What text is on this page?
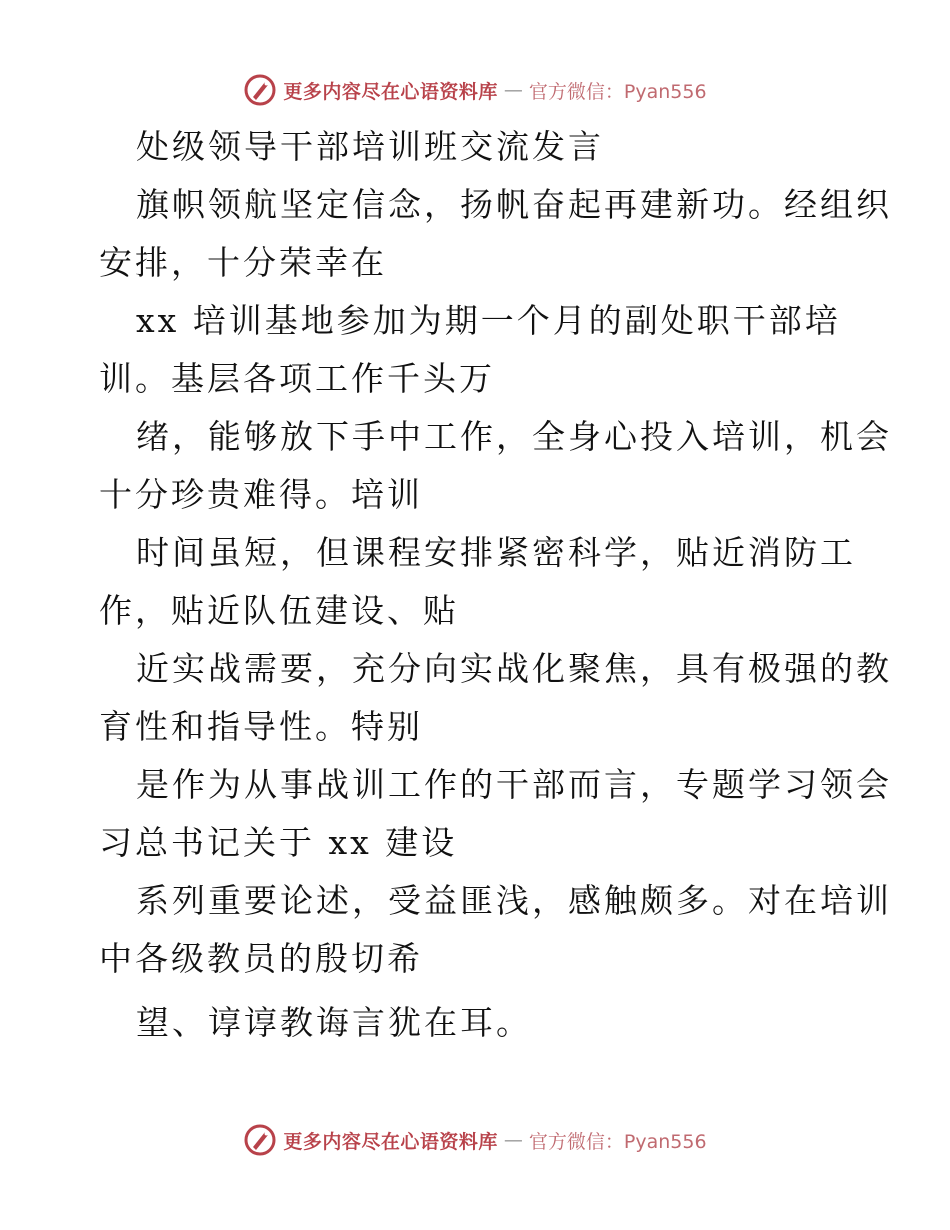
更多内容尽在心语资料库 — 官方微信：Pyan556
处级领导干部培训班交流发言
旗帜领航坚定信念，扬帆奋起再建新功。经组织
安排，十分荣幸在
xx 培训基地参加为期一个月的副处职干部培
训。基层各项工作千头万
绪，能够放下手中工作，全身心投入培训，机会
十分珍贵难得。培训
时间虽短，但课程安排紧密科学，贴近消防工
作，贴近队伍建设、贴
近实战需要，充分向实战化聚焦，具有极强的教
育性和指导性。特别
是作为从事战训工作的干部而言，专题学习领会
习总书记关于 xx 建设
系列重要论述，受益匪浅，感触颇多。对在培训
中各级教员的殷切希
望、谆谆教诲言犹在耳。
更多内容尽在心语资料库 — 官方微信：Pyan556
